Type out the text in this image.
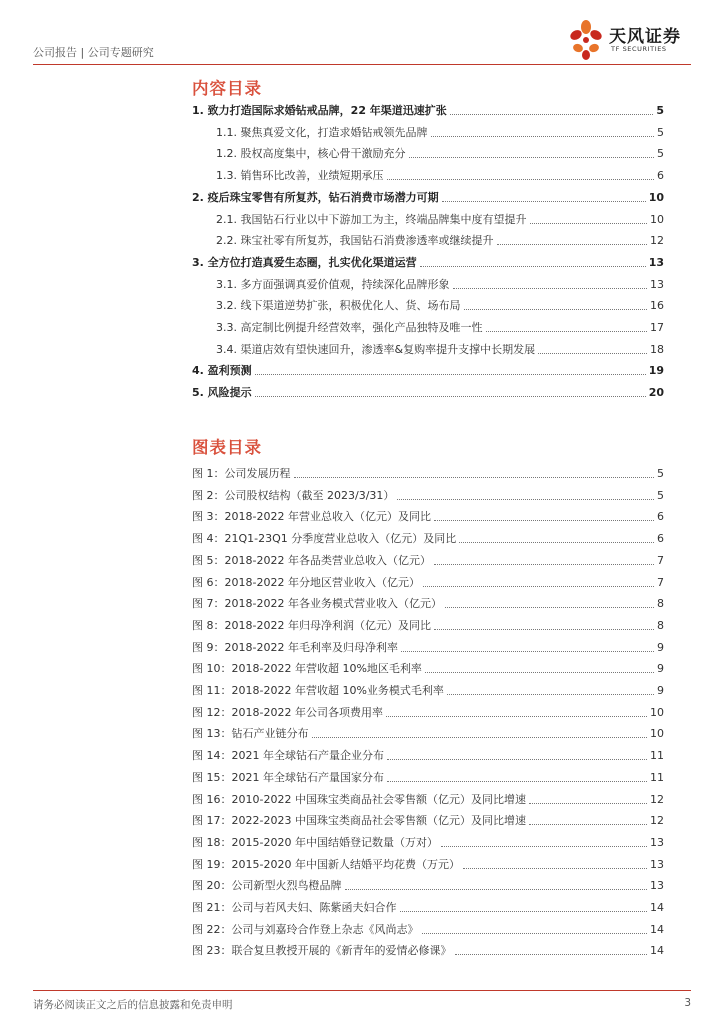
公司报告 | 公司专题研究
天风证券
TF SECURITIES
内容目录
1. 致力打造国际求婚钻戒品牌，22 年渠道迅速扩张	5
1.1. 聚焦真爱文化，打造求婚钻戒领先品牌	5
1.2. 股权高度集中，核心骨干激励充分	5
1.3. 销售环比改善，业绩短期承压	6
2. 疫后珠宝零售有所复苏，钻石消费市场潜力可期	10
2.1. 我国钻石行业以中下游加工为主，终端品牌集中度有望提升	10
2.2. 珠宝社零有所复苏，我国钻石消费渗透率或继续提升	12
3. 全方位打造真爱生态圈，扎实优化渠道运营	13
3.1. 多方面强调真爱价值观，持续深化品牌形象	13
3.2. 线下渠道逆势扩张，积极优化人、货、场布局	16
3.3. 高定制比例提升经营效率，强化产品独特及唯一性	17
3.4. 渠道店效有望快速回升，渗透率&复购率提升支撑中长期发展	18
4. 盈利预测	19
5. 风险提示	20
图表目录
图 1：公司发展历程	5
图 2：公司股权结构（截至 2023/3/31）	5
图 3：2018-2022 年营业总收入（亿元）及同比	6
图 4：21Q1-23Q1 分季度营业总收入（亿元）及同比	6
图 5：2018-2022 年各品类营业总收入（亿元）	7
图 6：2018-2022 年分地区营业收入（亿元）	7
图 7：2018-2022 年各业务模式营业收入（亿元）	8
图 8：2018-2022 年归母净利润（亿元）及同比	8
图 9：2018-2022 年毛利率及归母净利率	9
图 10：2018-2022 年营收超 10%地区毛利率	9
图 11：2018-2022 年营收超 10%业务模式毛利率	9
图 12：2018-2022 年公司各项费用率	10
图 13：钻石产业链分布	10
图 14：2021 年全球钻石产量企业分布	11
图 15：2021 年全球钻石产量国家分布	11
图 16：2010-2022 中国珠宝类商品社会零售额（亿元）及同比增速	12
图 17：2022-2023 中国珠宝类商品社会零售额（亿元）及同比增速	12
图 18：2015-2020 年中国结婚登记数量（万对）	13
图 19：2015-2020 年中国新人结婚平均花费（万元）	13
图 20：公司新型火烈鸟橙品牌	13
图 21：公司与若风夫妇、陈紫函夫妇合作	14
图 22：公司与刘嘉玲合作登上杂志《风尚志》	14
图 23：联合复旦教授开展的《新青年的爱情必修课》	14
请务必阅读正文之后的信息披露和免责申明	3
